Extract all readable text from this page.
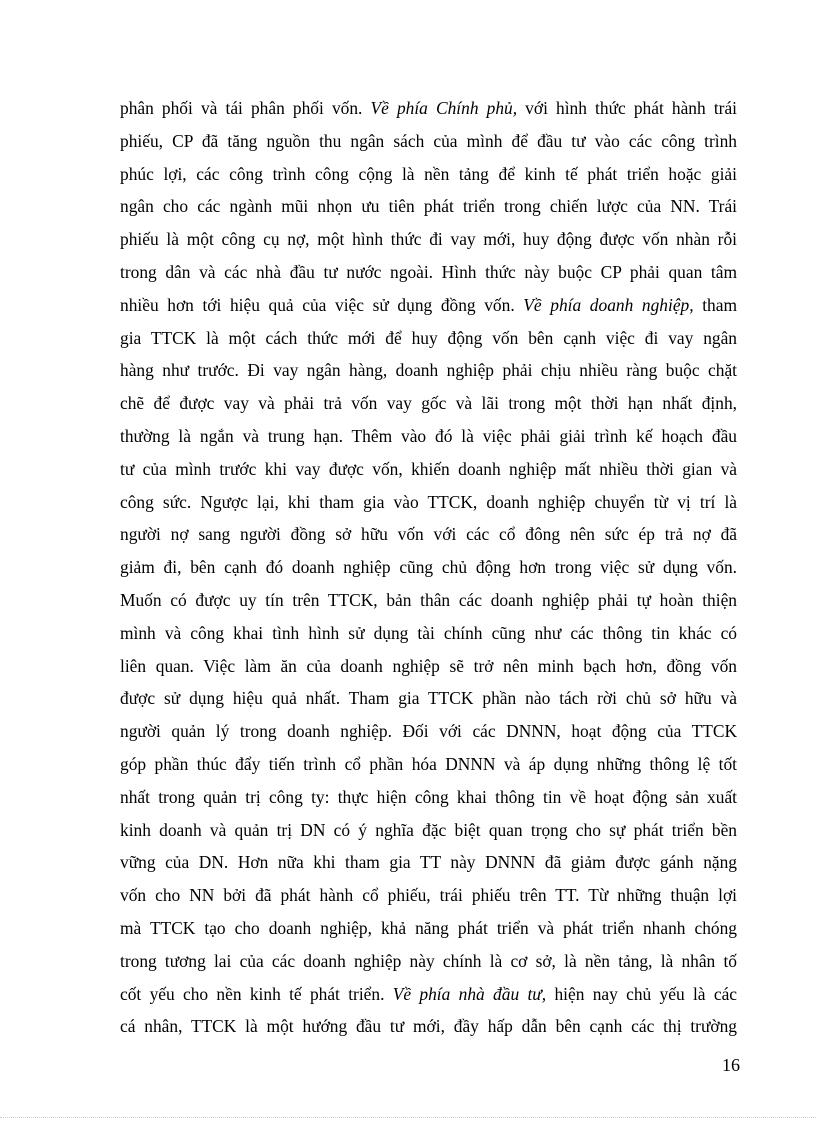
phân phối và tái phân phối vốn. Về phía Chính phủ, với hình thức phát hành trái
phiếu, CP đã tăng nguồn thu ngân sách của mình để đầu tư vào các công trình
phúc lợi, các công trình công cộng là nền tảng để kinh tế phát triển hoặc giải
ngân cho các ngành mũi nhọn ưu tiên phát triển trong chiến lược của NN. Trái
phiếu là một công cụ nợ, một hình thức đi vay mới, huy động được vốn nhàn rỗi
trong dân và các nhà đầu tư nước ngoài. Hình thức này buộc CP phải quan tâm
nhiều hơn tới hiệu quả của việc sử dụng đồng vốn. Về phía doanh nghiệp, tham
gia TTCK là một cách thức mới để huy động vốn bên cạnh việc đi vay ngân
hàng như trước. Đi vay ngân hàng, doanh nghiệp phải chịu nhiều ràng buộc chặt
chẽ để được vay và phải trả vốn vay gốc và lãi trong một thời hạn nhất định,
thường là ngắn và trung hạn. Thêm vào đó là việc phải giải trình kế hoạch đầu
tư của mình trước khi vay được vốn, khiến doanh nghiệp mất nhiều thời gian và
công sức. Ngược lại, khi tham gia vào TTCK, doanh nghiệp chuyển từ vị trí là
người nợ sang người đồng sở hữu vốn với các cổ đông nên sức ép trả nợ đã
giảm đi, bên cạnh đó doanh nghiệp cũng chủ động hơn trong việc sử dụng vốn.
Muốn có được uy tín trên TTCK, bản thân các doanh nghiệp phải tự hoàn thiện
mình và công khai tình hình sử dụng tài chính cũng như các thông tin khác có
liên quan. Việc làm ăn của doanh nghiệp sẽ trở nên minh bạch hơn, đồng vốn
được sử dụng hiệu quả nhất. Tham gia TTCK phần nào tách rời chủ sở hữu và
người quản lý trong doanh nghiệp. Đối với các DNNN, hoạt động của TTCK
góp phần thúc đẩy tiến trình cổ phần hóa DNNN và áp dụng những thông lệ tốt
nhất trong quản trị công ty: thực hiện công khai thông tin về hoạt động sản xuất
kinh doanh và quản trị DN có ý nghĩa đặc biệt quan trọng cho sự phát triển bền
vững của DN. Hơn nữa khi tham gia TT này DNNN đã giảm được gánh nặng
vốn cho NN bởi đã phát hành cổ phiếu, trái phiếu trên TT. Từ những thuận lợi
mà TTCK tạo cho doanh nghiệp, khả năng phát triển và phát triển nhanh chóng
trong tương lai của các doanh nghiệp này chính là cơ sở, là nền tảng, là nhân tố
cốt yếu cho nền kinh tế phát triển. Về phía nhà đầu tư, hiện nay chủ yếu là các
cá nhân, TTCK là một hướng đầu tư mới, đầy hấp dẫn bên cạnh các thị trường
16
